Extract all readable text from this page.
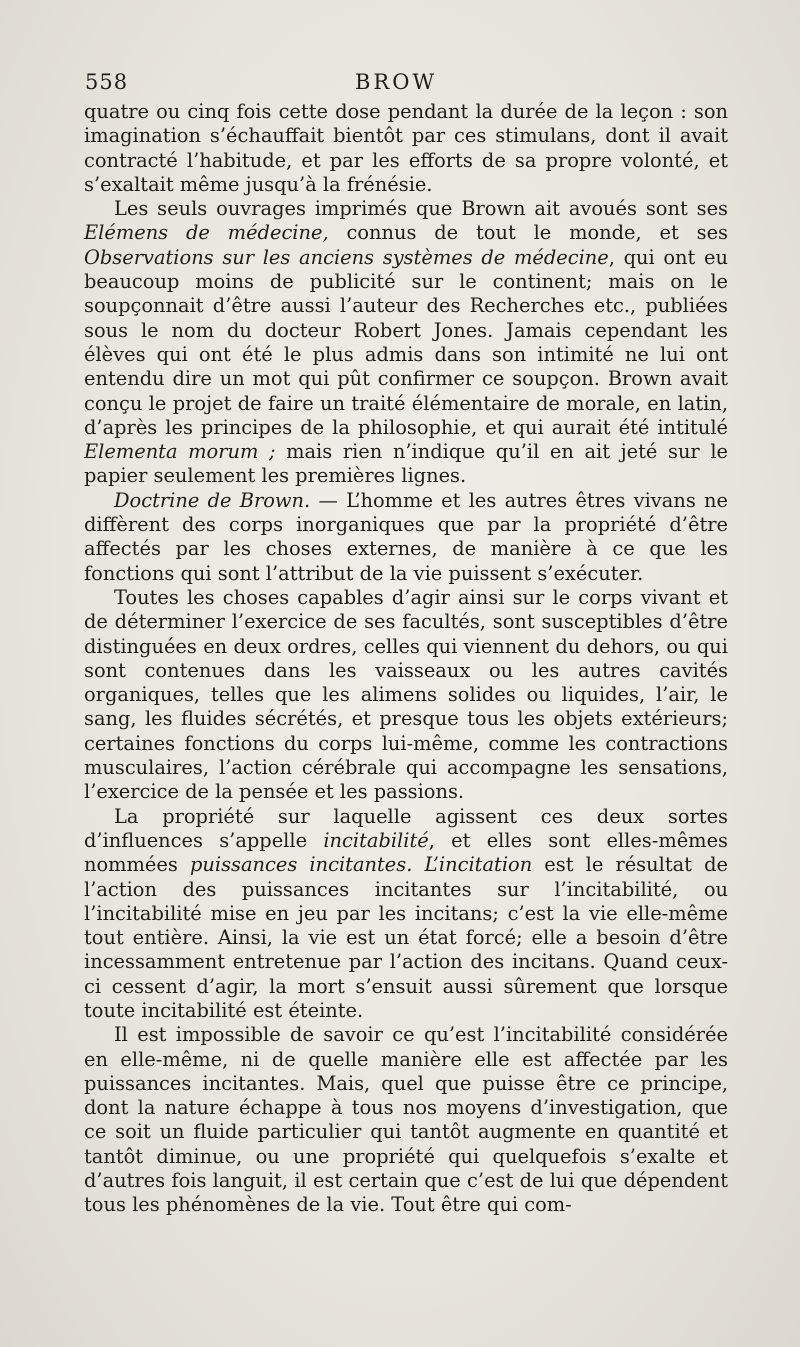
558	BROW

quatre ou cinq fois cette dose pendant la durée de la leçon : son imagination s’échauffait bientôt par ces stimulans, dont il avait contracté l’habitude, et par les efforts de sa propre volonté, et s’exaltait même jusqu’à la frénésie.

Les seuls ouvrages imprimés que Brown ait avoués sont ses Elémens de médecine, connus de tout le monde, et ses Observations sur les anciens systèmes de médecine, qui ont eu beaucoup moins de publicité sur le continent; mais on le soupçonnait d’être aussi l’auteur des Recherches etc., publiées sous le nom du docteur Robert Jones. Jamais cependant les élèves qui ont été le plus admis dans son intimité ne lui ont entendu dire un mot qui pût confirmer ce soupçon. Brown avait conçu le projet de faire un traité élémentaire de morale, en latin, d’après les principes de la philosophie, et qui aurait été intitulé Elementa morum ; mais rien n’indique qu’il en ait jeté sur le papier seulement les premières lignes.

Doctrine de Brown. — L’homme et les autres êtres vivans ne diffèrent des corps inorganiques que par la propriété d’être affectés par les choses externes, de manière à ce que les fonctions qui sont l’attribut de la vie puissent s’exécuter.

Toutes les choses capables d’agir ainsi sur le corps vivant et de déterminer l’exercice de ses facultés, sont susceptibles d’être distinguées en deux ordres, celles qui viennent du dehors, ou qui sont contenues dans les vaisseaux ou les autres cavités organiques, telles que les alimens solides ou liquides, l’air, le sang, les fluides sécrétés, et presque tous les objets extérieurs; certaines fonctions du corps lui-même, comme les contractions musculaires, l’action cérébrale qui accompagne les sensations, l’exercice de la pensée et les passions.

La propriété sur laquelle agissent ces deux sortes d’influences s’appelle incitabilité, et elles sont elles-mêmes nommées puissances incitantes. L’incitation est le résultat de l’action des puissances incitantes sur l’incitabilité, ou l’incitabilité mise en jeu par les incitans; c’est la vie elle-même tout entière. Ainsi, la vie est un état forcé; elle a besoin d’être incessamment entretenue par l’action des incitans. Quand ceux-ci cessent d’agir, la mort s’ensuit aussi sûrement que lorsque toute incitabilité est éteinte.

Il est impossible de savoir ce qu’est l’incitabilité considérée en elle-même, ni de quelle manière elle est affectée par les puissances incitantes. Mais, quel que puisse être ce principe, dont la nature échappe à tous nos moyens d’investigation, que ce soit un fluide particulier qui tantôt augmente en quantité et tantôt diminue, ou une propriété qui quelquefois s’exalte et d’autres fois languit, il est certain que c’est de lui que dépendent tous les phénomènes de la vie. Tout être qui com-
